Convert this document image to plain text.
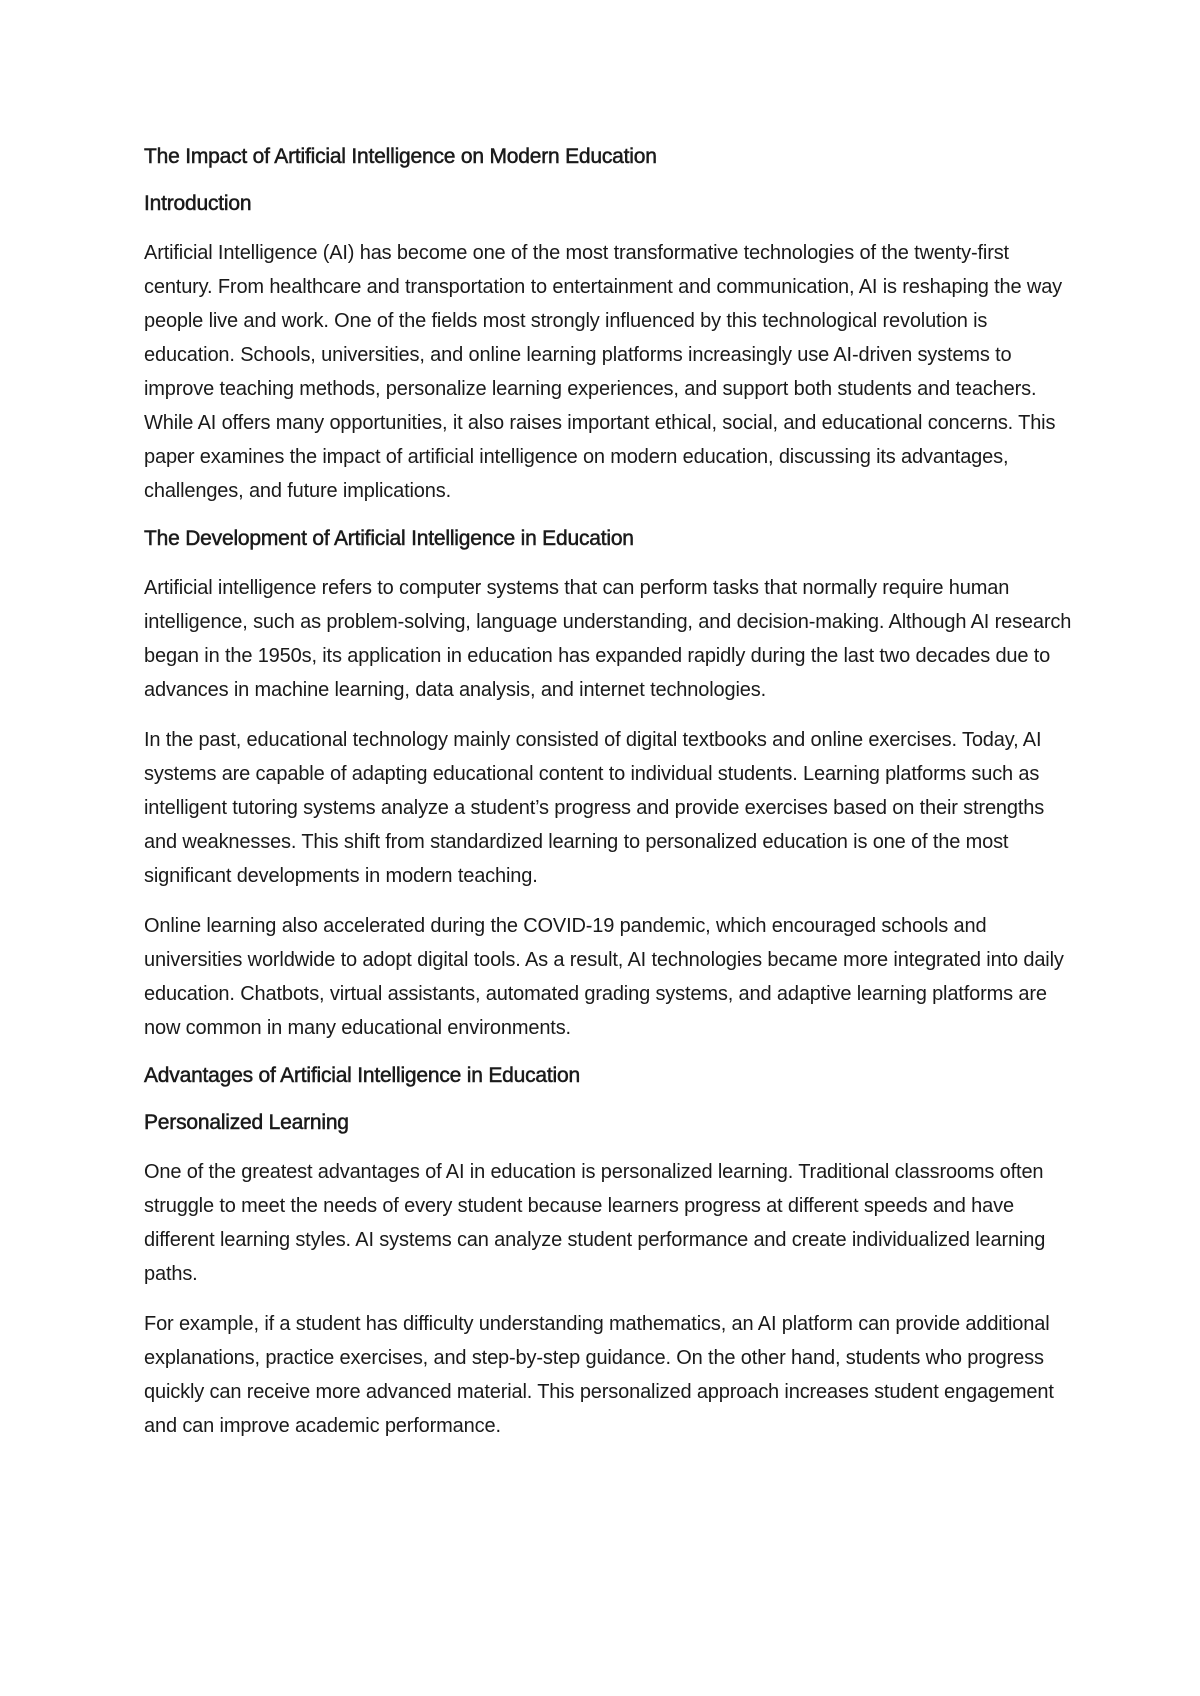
The Impact of Artificial Intelligence on Modern Education
Introduction

Artificial Intelligence (AI) has become one of the most transformative technologies of the twenty-first century. From healthcare and transportation to entertainment and communication, AI is reshaping the way people live and work. One of the fields most strongly influenced by this technological revolution is education. Schools, universities, and online learning platforms increasingly use AI-driven systems to improve teaching methods, personalize learning experiences, and support both students and teachers. While AI offers many opportunities, it also raises important ethical, social, and educational concerns. This paper examines the impact of artificial intelligence on modern education, discussing its advantages, challenges, and future implications.

The Development of Artificial Intelligence in Education

Artificial intelligence refers to computer systems that can perform tasks that normally require human intelligence, such as problem-solving, language understanding, and decision-making. Although AI research began in the 1950s, its application in education has expanded rapidly during the last two decades due to advances in machine learning, data analysis, and internet technologies.

In the past, educational technology mainly consisted of digital textbooks and online exercises. Today, AI systems are capable of adapting educational content to individual students. Learning platforms such as intelligent tutoring systems analyze a student’s progress and provide exercises based on their strengths and weaknesses. This shift from standardized learning to personalized education is one of the most significant developments in modern teaching.

Online learning also accelerated during the COVID-19 pandemic, which encouraged schools and universities worldwide to adopt digital tools. As a result, AI technologies became more integrated into daily education. Chatbots, virtual assistants, automated grading systems, and adaptive learning platforms are now common in many educational environments.

Advantages of Artificial Intelligence in Education
Personalized Learning

One of the greatest advantages of AI in education is personalized learning. Traditional classrooms often struggle to meet the needs of every student because learners progress at different speeds and have different learning styles. AI systems can analyze student performance and create individualized learning paths.

For example, if a student has difficulty understanding mathematics, an AI platform can provide additional explanations, practice exercises, and step-by-step guidance. On the other hand, students who progress quickly can receive more advanced material. This personalized approach increases student engagement and can improve academic performance.
